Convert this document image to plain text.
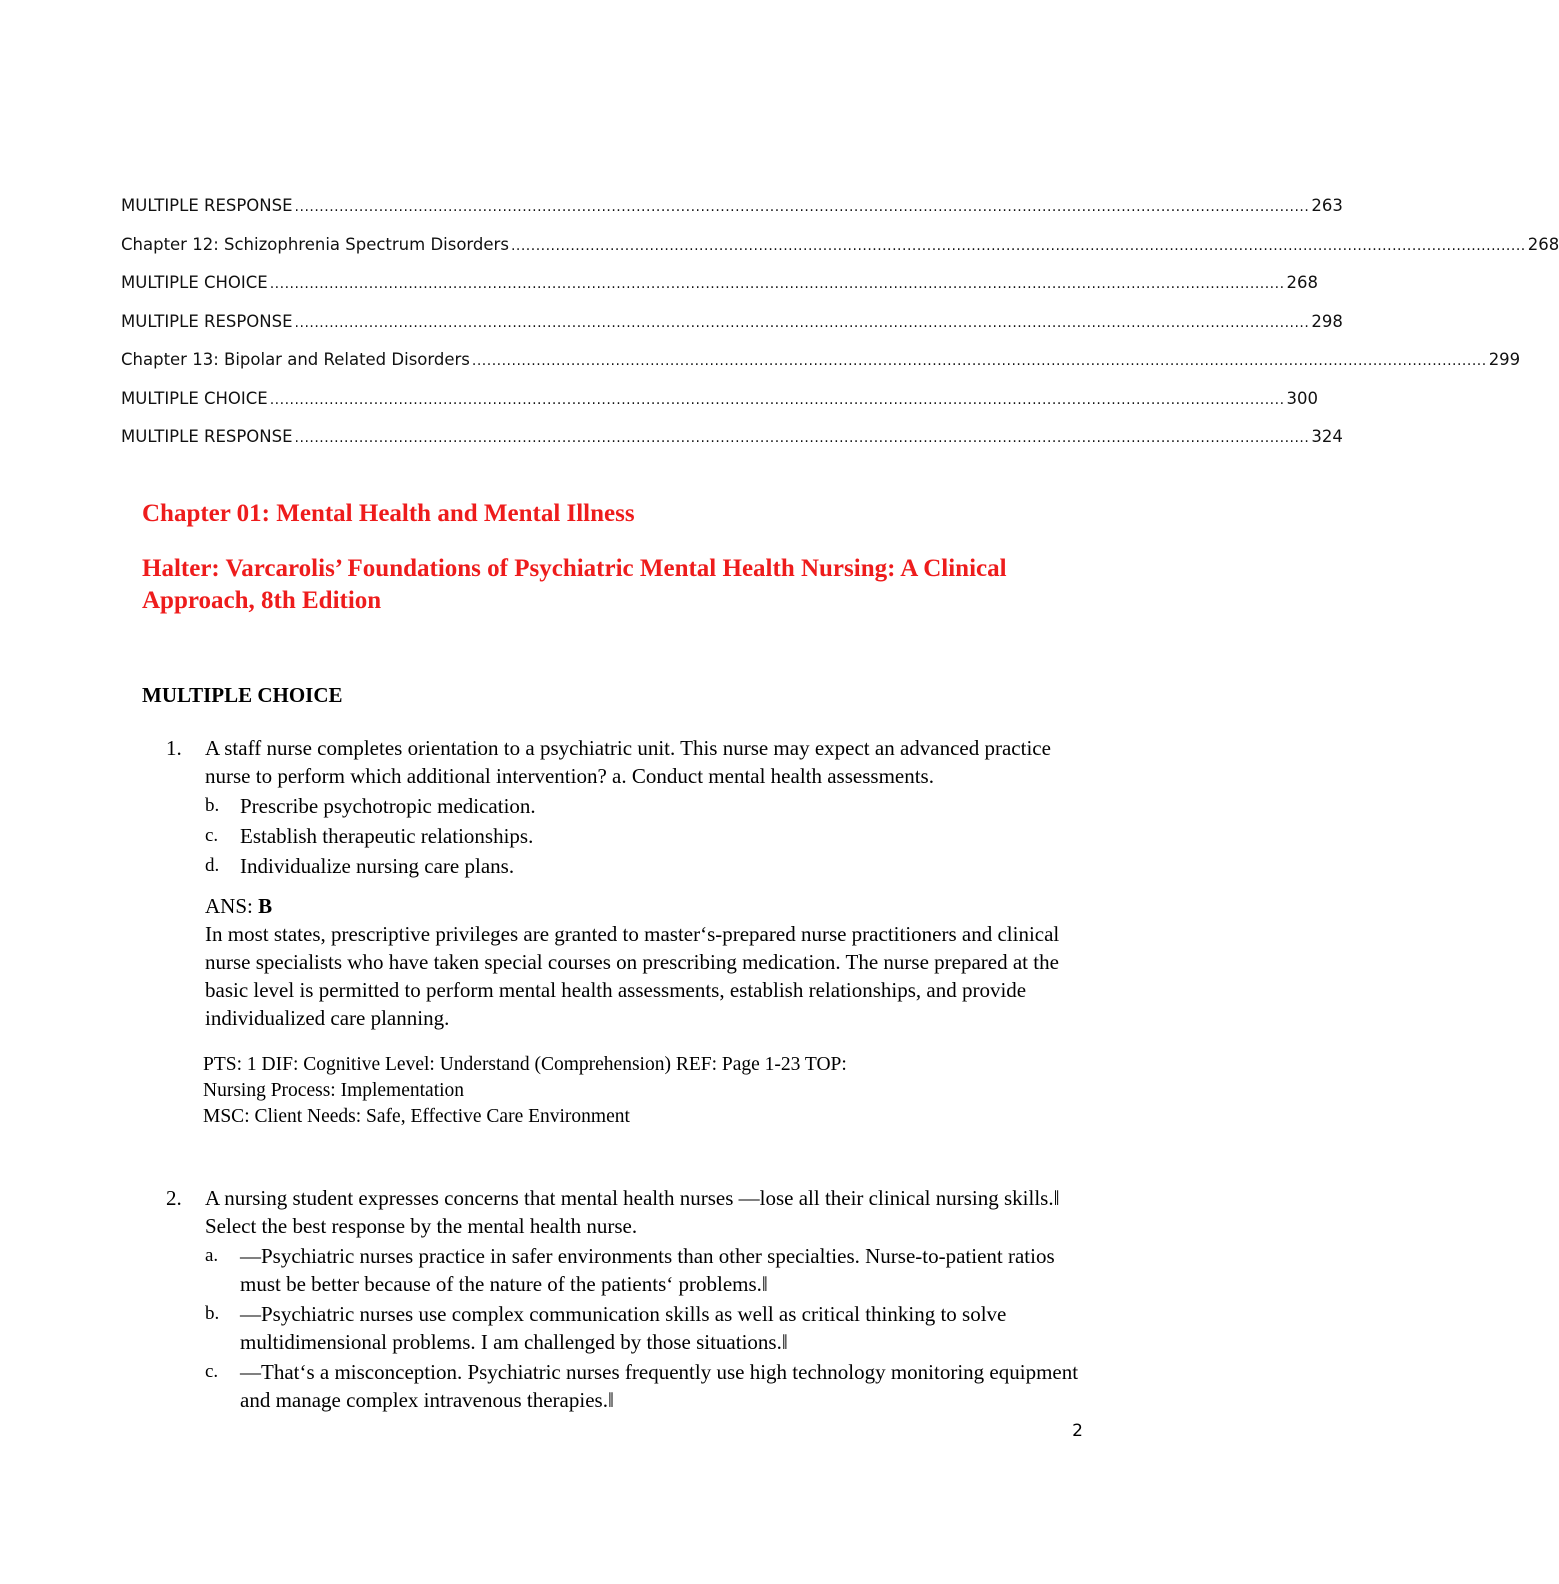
MULTIPLE RESPONSE ............................................................................................................................................................................................................. 263
Chapter 12: Schizophrenia Spectrum Disorders ............................................................................................................................................................................................................. 268
MULTIPLE CHOICE ............................................................................................................................................................................................................. 268
MULTIPLE RESPONSE ............................................................................................................................................................................................................. 298
Chapter 13: Bipolar and Related Disorders ............................................................................................................................................................................................................. 299
MULTIPLE CHOICE ............................................................................................................................................................................................................. 300
MULTIPLE RESPONSE ............................................................................................................................................................................................................. 324
Chapter 01: Mental Health and Mental Illness
Halter: Varcarolis’ Foundations of Psychiatric Mental Health Nursing: A Clinical Approach, 8th Edition
MULTIPLE CHOICE
1.	A staff nurse completes orientation to a psychiatric unit. This nurse may expect an advanced practice nurse to perform which additional intervention? a. Conduct mental health assessments.
b. Prescribe psychotropic medication.
c.	Establish therapeutic relationships.
d. Individualize nursing care plans.
ANS: B
In most states, prescriptive privileges are granted to master‘s-prepared nurse practitioners and clinical nurse specialists who have taken special courses on prescribing medication. The nurse prepared at the basic level is permitted to perform mental health assessments, establish relationships, and provide individualized care planning.
PTS: 1 DIF: Cognitive Level: Understand (Comprehension) REF: Page 1-23 TOP:
Nursing Process: Implementation
MSC: Client Needs: Safe, Effective Care Environment
2.	A nursing student expresses concerns that mental health nurses ―lose all their clinical nursing skills.‖ Select the best response by the mental health nurse.
a.	―Psychiatric nurses practice in safer environments than other specialties. Nurse-to-patient ratios must be better because of the nature of the patients‘ problems.‖
b. ―Psychiatric nurses use complex communication skills as well as critical thinking to solve multidimensional problems. I am challenged by those situations.‖
c.	―That‘s a misconception. Psychiatric nurses frequently use high technology monitoring equipment and manage complex intravenous therapies.‖
2
